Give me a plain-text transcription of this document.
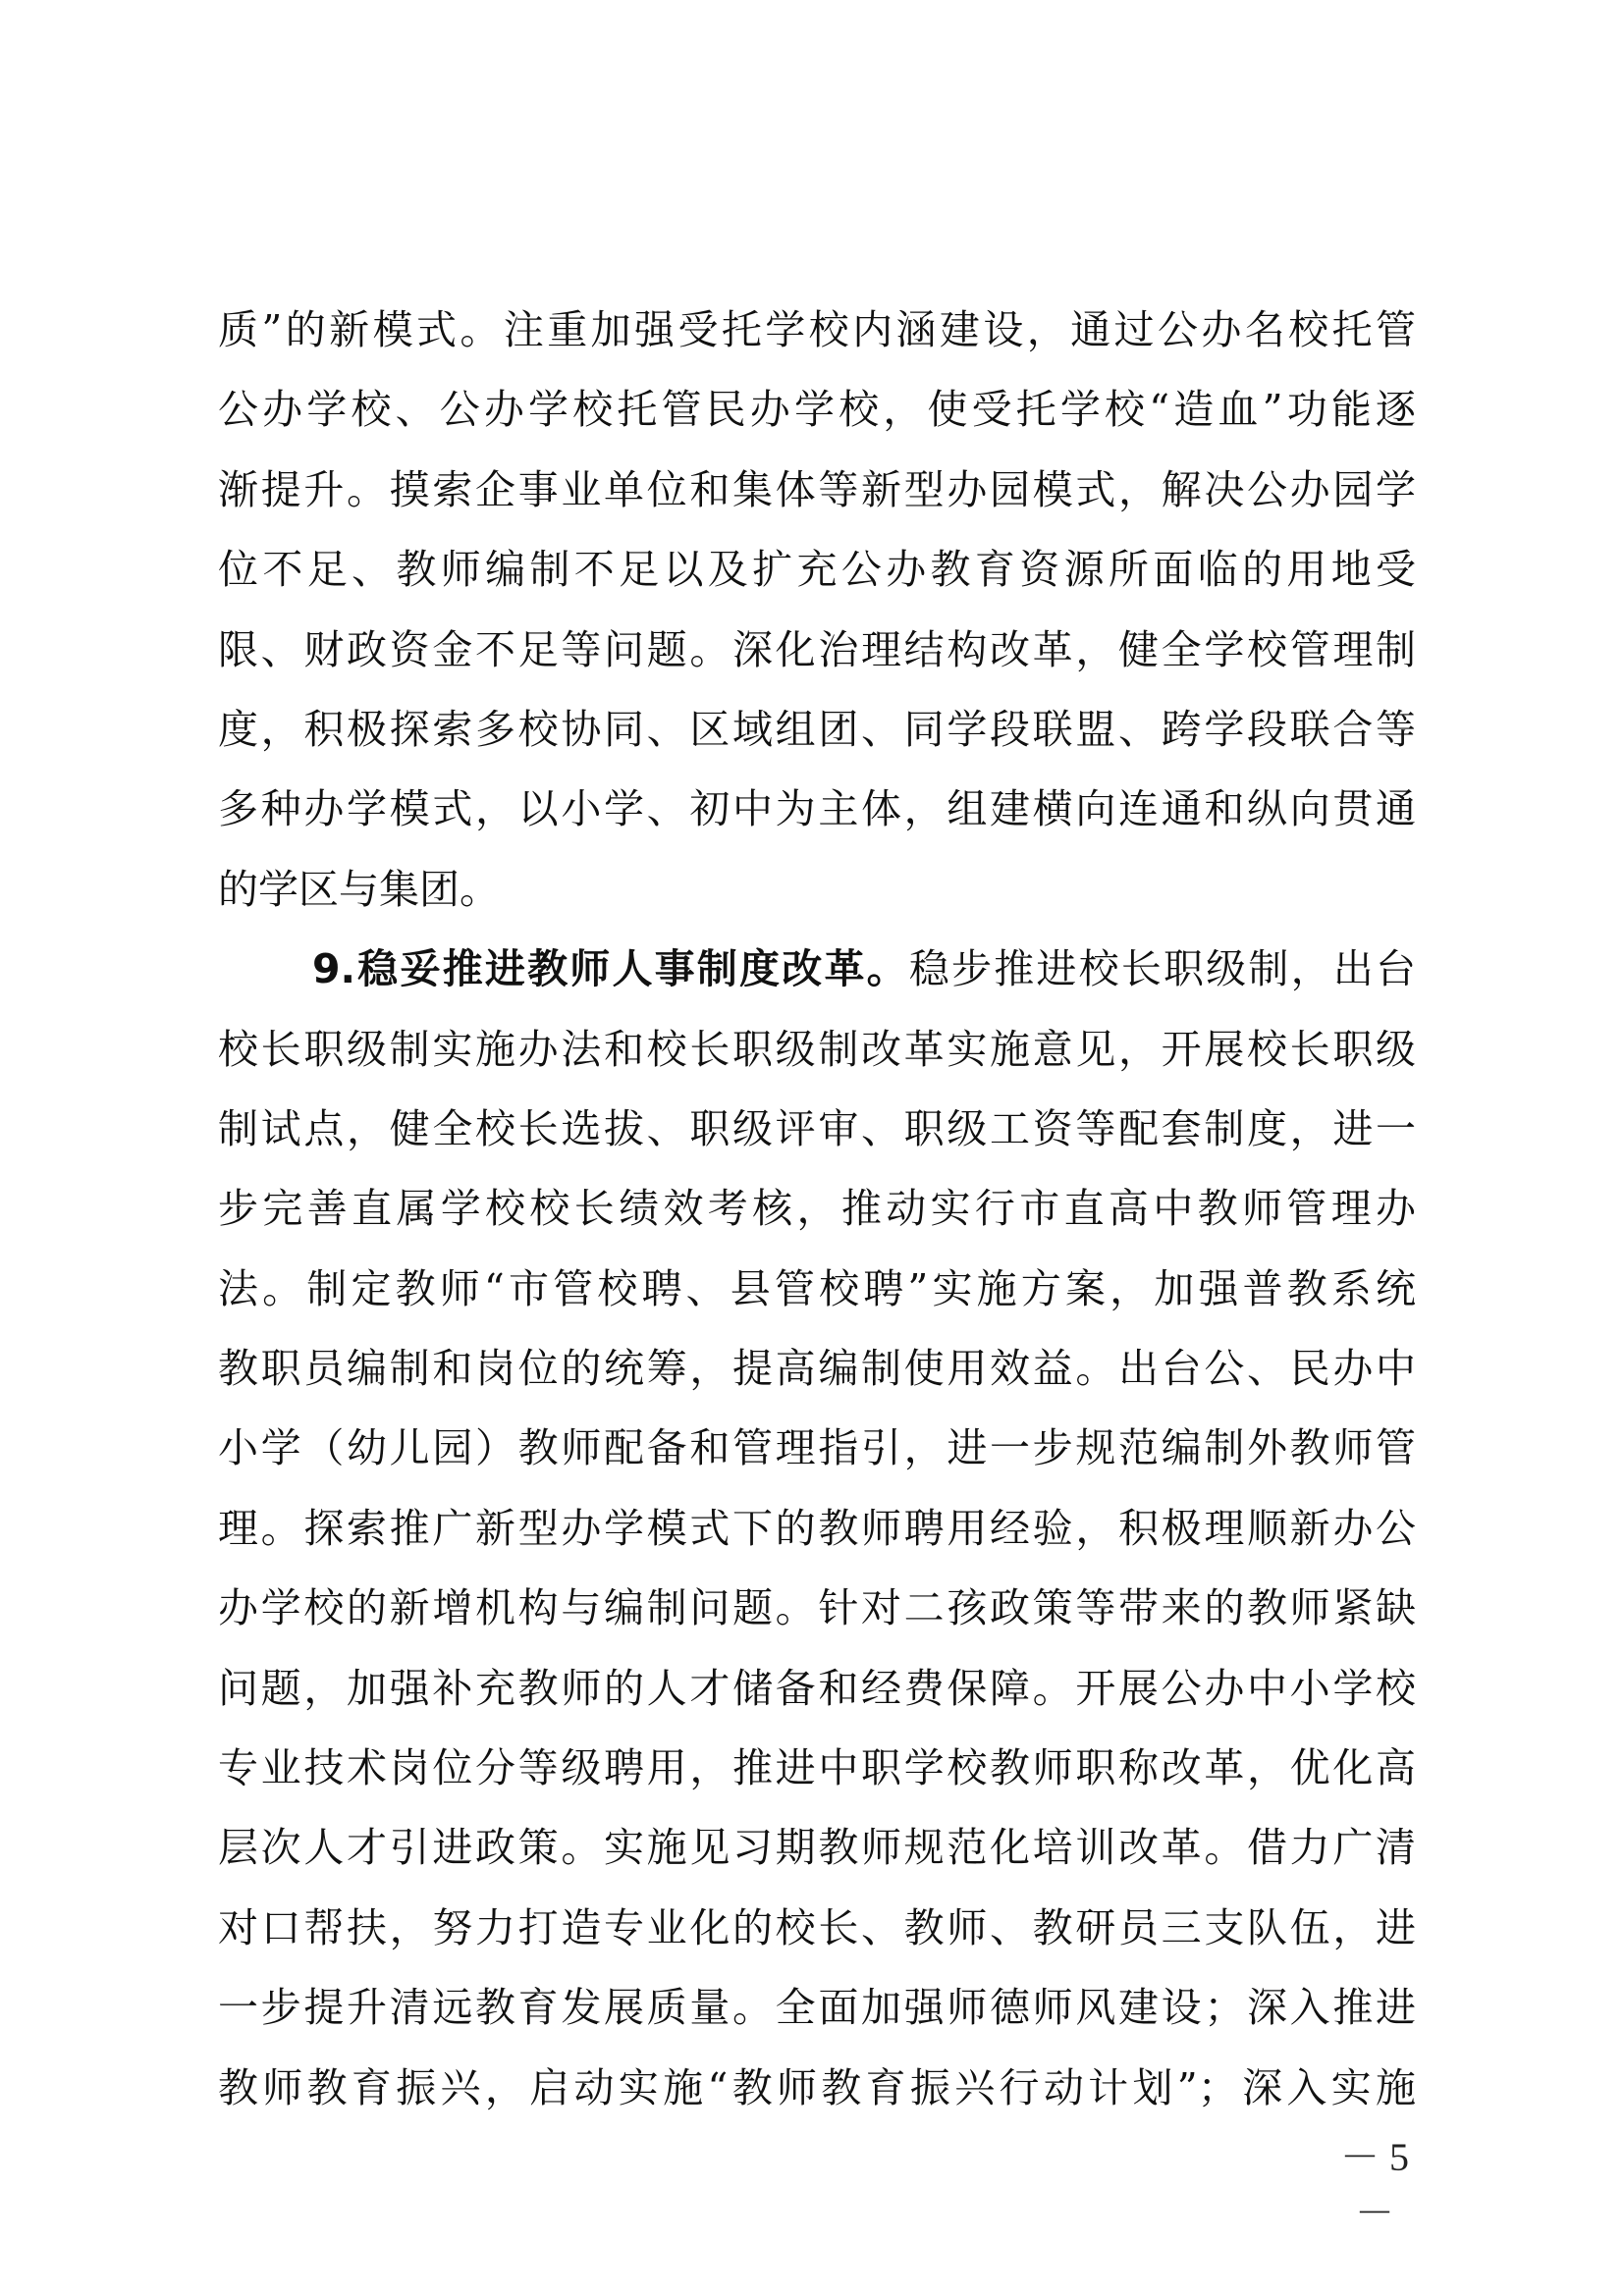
质”的新模式。注重加强受托学校内涵建设，通过公办名校托管
公办学校、公办学校托管民办学校，使受托学校“造血”功能逐
渐提升。摸索企事业单位和集体等新型办园模式，解决公办园学
位不足、教师编制不足以及扩充公办教育资源所面临的用地受
限、财政资金不足等问题。深化治理结构改革，健全学校管理制
度，积极探索多校协同、区域组团、同学段联盟、跨学段联合等
多种办学模式，以小学、初中为主体，组建横向连通和纵向贯通
的学区与集团。
9.稳妥推进教师人事制度改革。稳步推进校长职级制，出台
校长职级制实施办法和校长职级制改革实施意见，开展校长职级
制试点，健全校长选拔、职级评审、职级工资等配套制度，进一
步完善直属学校校长绩效考核，推动实行市直高中教师管理办
法。制定教师“市管校聘、县管校聘”实施方案，加强普教系统
教职员编制和岗位的统筹，提高编制使用效益。出台公、民办中
小学（幼儿园）教师配备和管理指引，进一步规范编制外教师管
理。探索推广新型办学模式下的教师聘用经验，积极理顺新办公
办学校的新增机构与编制问题。针对二孩政策等带来的教师紧缺
问题，加强补充教师的人才储备和经费保障。开展公办中小学校
专业技术岗位分等级聘用，推进中职学校教师职称改革，优化高
层次人才引进政策。实施见习期教师规范化培训改革。借力广清
对口帮扶，努力打造专业化的校长、教师、教研员三支队伍，进
一步提升清远教育发展质量。全面加强师德师风建设；深入推进
教师教育振兴，启动实施“教师教育振兴行动计划”；深入实施
－ 5 －
